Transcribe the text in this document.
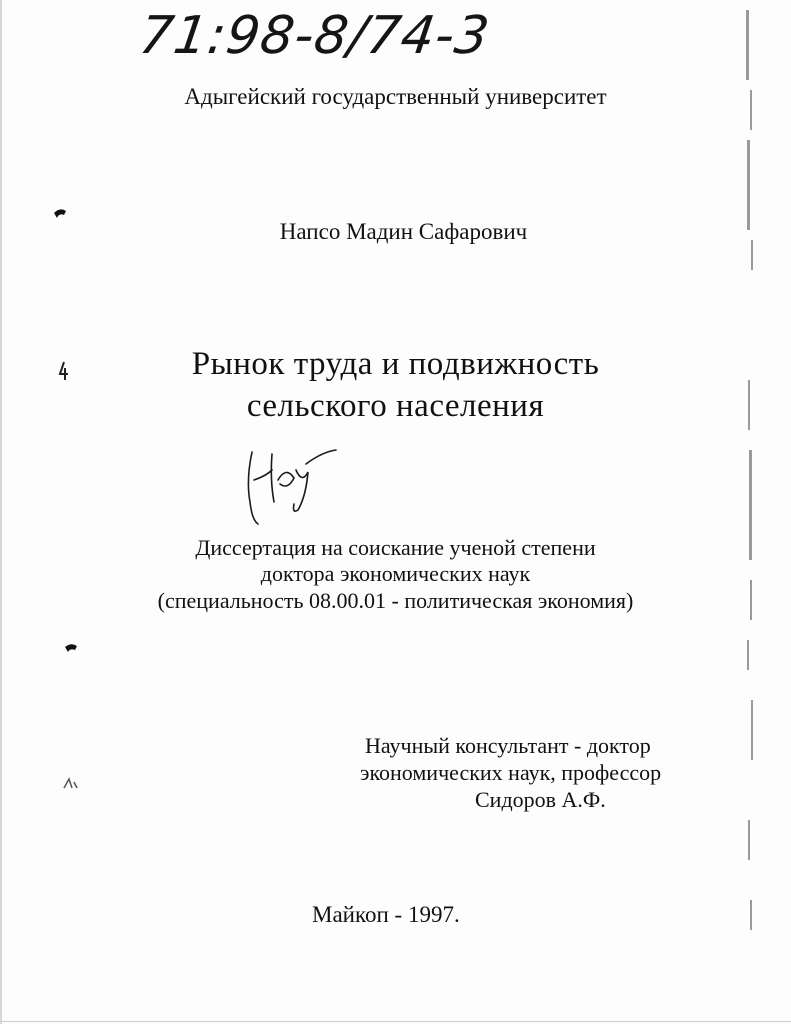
71:98-8/74-3
Адыгейский государственный университет
Напсо Мадин Сафарович
Рынок труда и подвижность
сельского населения
Диссертация на соискание ученой степени
доктора экономических наук
(специальность 08.00.01 - политическая экономия)
Научный консультант - доктор
экономических наук, профессор
Сидоров А.Ф.
Майкоп - 1997.
